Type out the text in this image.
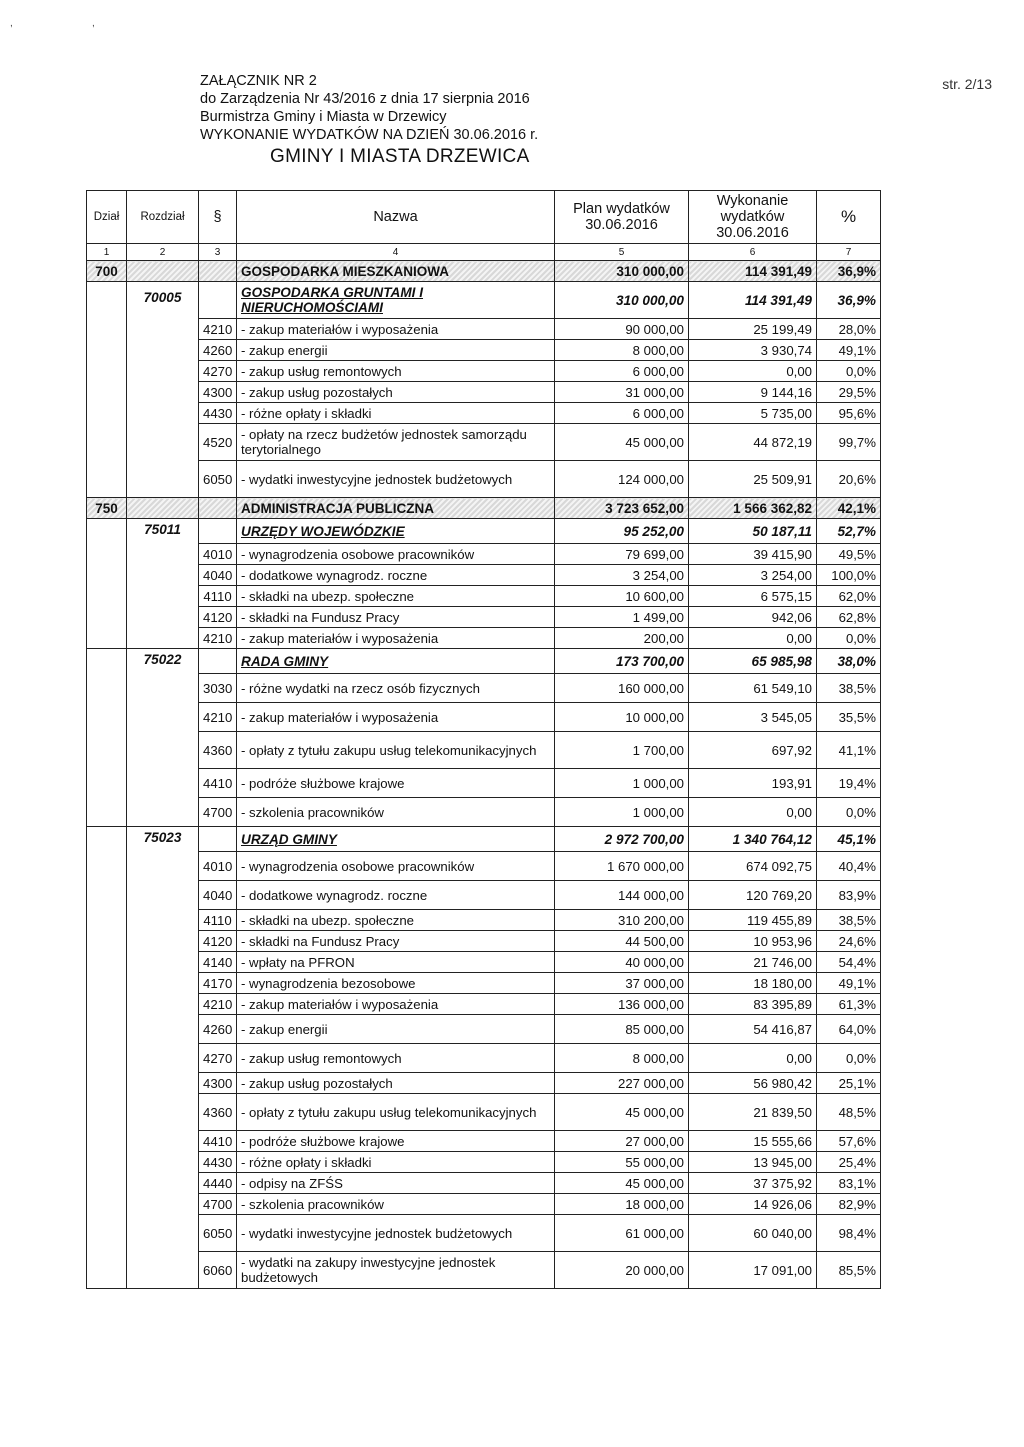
,	,
ZAŁĄCZNIK NR 2
do Zarządzenia Nr 43/2016 z dnia 17 sierpnia 2016
Burmistrza Gminy i Miasta w Drzewicy
WYKONANIE WYDATKÓW NA DZIEŃ 30.06.2016 r.
GMINY I MIASTA DRZEWICA
str. 2/13
Dział	Rozdział	§	Nazwa	Plan wydatków 30.06.2016	Wykonanie wydatków 30.06.2016	%
1	2	3	4	5	6	7
700			GOSPODARKA MIESZKANIOWA	310 000,00	114 391,49	36,9%
	70005		GOSPODARKA GRUNTAMI I NIERUCHOMOŚCIAMI	310 000,00	114 391,49	36,9%
		4210	- zakup materiałów i wyposażenia	90 000,00	25 199,49	28,0%
		4260	- zakup energii	8 000,00	3 930,74	49,1%
		4270	- zakup usług remontowych	6 000,00	0,00	0,0%
		4300	- zakup usług pozostałych	31 000,00	9 144,16	29,5%
		4430	- różne opłaty i składki	6 000,00	5 735,00	95,6%
		4520	- opłaty na rzecz budżetów jednostek samorządu terytorialnego	45 000,00	44 872,19	99,7%
		6050	- wydatki inwestycyjne jednostek budżetowych	124 000,00	25 509,91	20,6%
750			ADMINISTRACJA PUBLICZNA	3 723 652,00	1 566 362,82	42,1%
	75011		URZĘDY WOJEWÓDZKIE	95 252,00	50 187,11	52,7%
		4010	- wynagrodzenia osobowe pracowników	79 699,00	39 415,90	49,5%
		4040	- dodatkowe wynagrodz. roczne	3 254,00	3 254,00	100,0%
		4110	- składki na ubezp. społeczne	10 600,00	6 575,15	62,0%
		4120	- składki na Fundusz Pracy	1 499,00	942,06	62,8%
		4210	- zakup materiałów i wyposażenia	200,00	0,00	0,0%
	75022		RADA GMINY	173 700,00	65 985,98	38,0%
		3030	- różne wydatki na rzecz osób fizycznych	160 000,00	61 549,10	38,5%
		4210	- zakup materiałów i wyposażenia	10 000,00	3 545,05	35,5%
		4360	- opłaty z tytułu zakupu usług telekomunikacyjnych	1 700,00	697,92	41,1%
		4410	- podróże służbowe krajowe	1 000,00	193,91	19,4%
		4700	- szkolenia pracowników	1 000,00	0,00	0,0%
	75023		URZĄD GMINY	2 972 700,00	1 340 764,12	45,1%
		4010	- wynagrodzenia osobowe pracowników	1 670 000,00	674 092,75	40,4%
		4040	- dodatkowe wynagrodz. roczne	144 000,00	120 769,20	83,9%
		4110	- składki na ubezp. społeczne	310 200,00	119 455,89	38,5%
		4120	- składki na Fundusz Pracy	44 500,00	10 953,96	24,6%
		4140	- wpłaty na PFRON	40 000,00	21 746,00	54,4%
		4170	- wynagrodzenia bezosobowe	37 000,00	18 180,00	49,1%
		4210	- zakup materiałów i wyposażenia	136 000,00	83 395,89	61,3%
		4260	- zakup energii	85 000,00	54 416,87	64,0%
		4270	- zakup usług remontowych	8 000,00	0,00	0,0%
		4300	- zakup usług pozostałych	227 000,00	56 980,42	25,1%
		4360	- opłaty z tytułu zakupu usług telekomunikacyjnych	45 000,00	21 839,50	48,5%
		4410	- podróże służbowe krajowe	27 000,00	15 555,66	57,6%
		4430	- różne opłaty i składki	55 000,00	13 945,00	25,4%
		4440	- odpisy na ZFŚS	45 000,00	37 375,92	83,1%
		4700	- szkolenia pracowników	18 000,00	14 926,06	82,9%
		6050	- wydatki inwestycyjne jednostek budżetowych	61 000,00	60 040,00	98,4%
		6060	- wydatki na zakupy inwestycyjne jednostek budżetowych	20 000,00	17 091,00	85,5%
